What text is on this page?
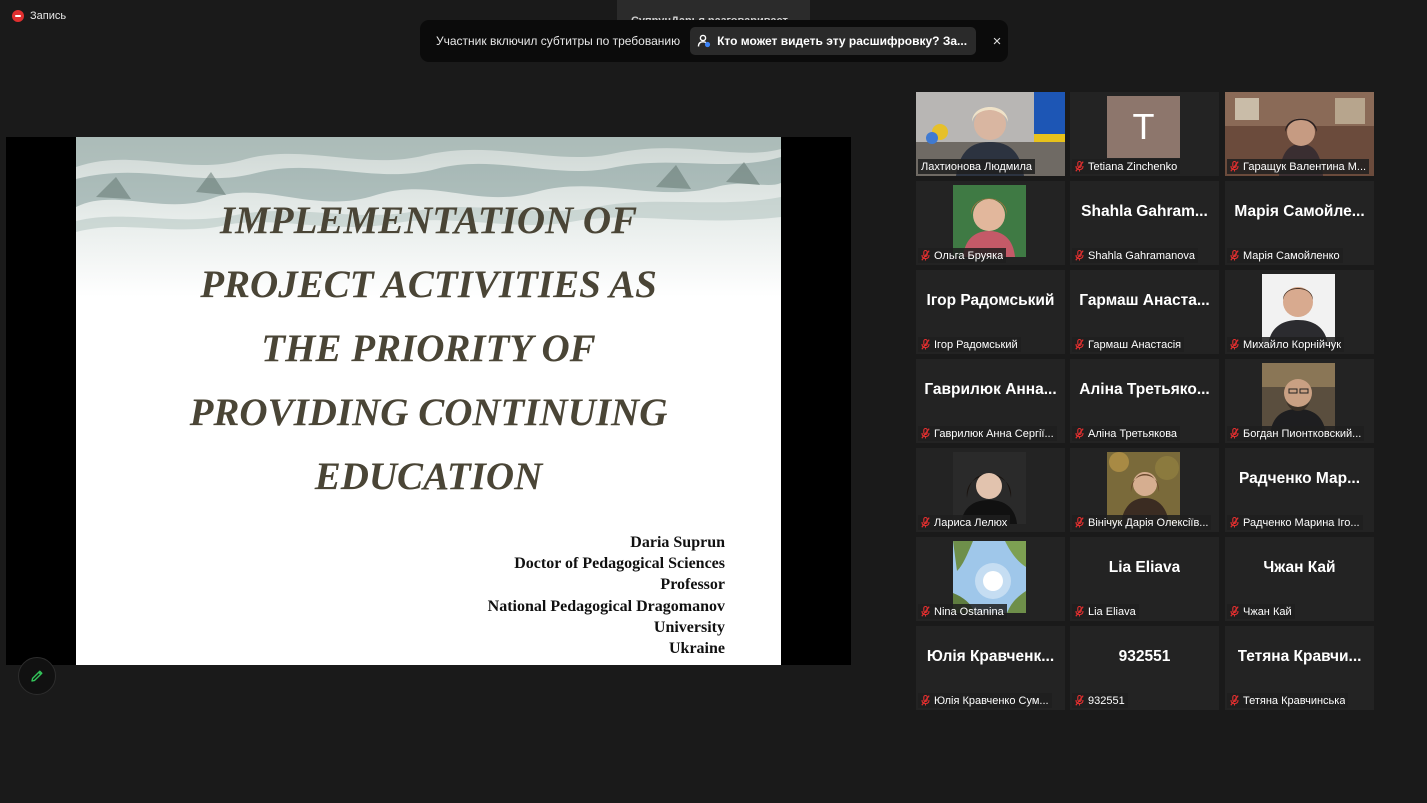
Запись
Участник включил субтитры по требованию	Кто может видеть эту расшифровку? За...	×
IMPLEMENTATION OF
PROJECT ACTIVITIES AS
THE PRIORITY OF
PROVIDING CONTINUING
EDUCATION
Daria Suprun
Doctor of Pedagogical Sciences
Professor
National Pedagogical Dragomanov
University
Ukraine
Лахтионова Людмила
T
Tetiana Zinchenko	Гаращук Валентина М...
Ольга Бруяка
Shahla Gahram...
Shahla Gahramanova
Марія Самойле...
Марія Самойленко
Ігор Радомський
Ігор Радомський
Гармаш Анаста...
Гармаш Анастасія	Михайло Корнійчук
Гаврилюк Анна...
Гаврилюк Анна Сергії...
Аліна Третьяко...
Аліна Третьякова	Богдан Пионтковский...
Лариса Лелюх	Вінічук Дарія Олексіїв...
Радченко Мар...
Радченко Марина Іго...
Nina Ostanina
Lia Eliava
Lia Eliava
Чжан Кай
Чжан Кай
Юлія Кравченк...
Юлія Кравченко Сум...
932551
932551
Тетяна Кравчи...
Тетяна Кравчинська
